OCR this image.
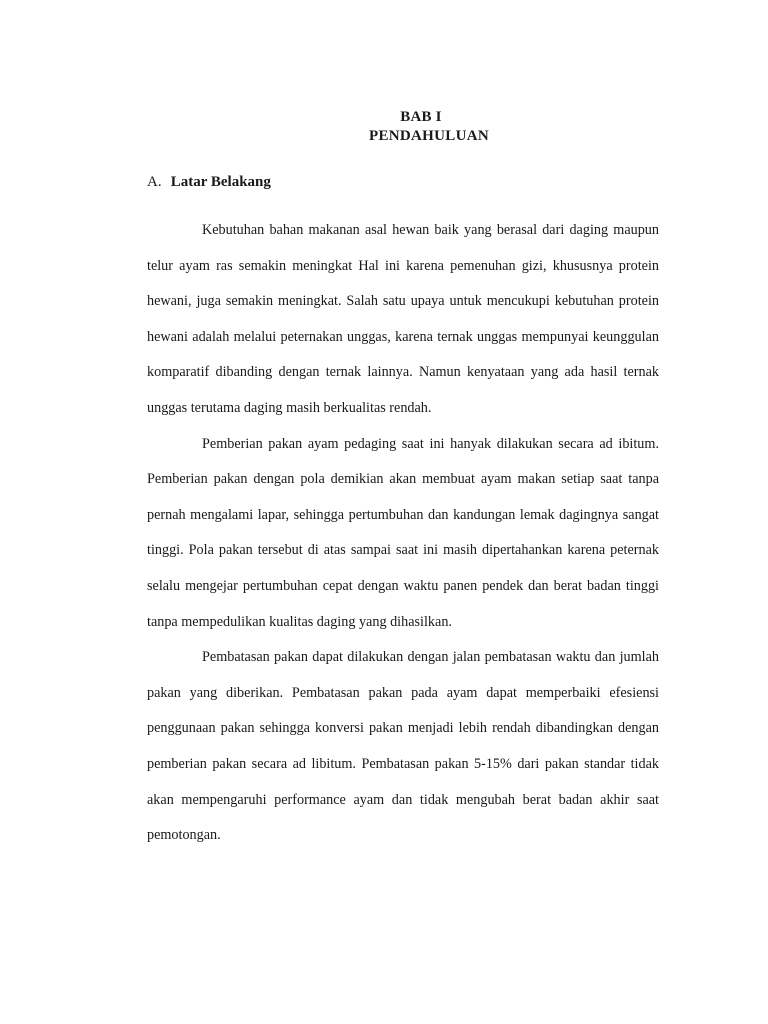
BAB I
PENDAHULUAN
A. Latar Belakang

Kebutuhan bahan makanan asal hewan baik yang berasal dari daging maupun telur ayam ras semakin meningkat Hal ini karena pemenuhan gizi, khususnya protein hewani, juga semakin meningkat. Salah satu upaya untuk mencukupi kebutuhan protein hewani adalah melalui peternakan unggas, karena ternak unggas mempunyai keunggulan komparatif dibanding dengan ternak lainnya. Namun kenyataan yang ada hasil ternak unggas terutama daging masih berkualitas rendah.

Pemberian pakan ayam pedaging saat ini hanyak dilakukan secara ad ibitum. Pemberian pakan dengan pola demikian akan membuat ayam makan setiap saat tanpa pernah mengalami lapar, sehingga pertumbuhan dan kandungan lemak dagingnya sangat tinggi. Pola pakan tersebut di atas sampai saat ini masih dipertahankan karena peternak selalu mengejar pertumbuhan cepat dengan waktu panen pendek dan berat badan tinggi tanpa mempedulikan kualitas daging yang dihasilkan.

Pembatasan pakan dapat dilakukan dengan jalan pembatasan waktu dan jumlah pakan yang diberikan. Pembatasan pakan pada ayam dapat memperbaiki efesiensi penggunaan pakan sehingga konversi pakan menjadi lebih rendah dibandingkan dengan pemberian pakan secara ad libitum. Pembatasan pakan 5-15% dari pakan standar tidak akan mempengaruhi performance ayam dan tidak mengubah berat badan akhir saat pemotongan.
